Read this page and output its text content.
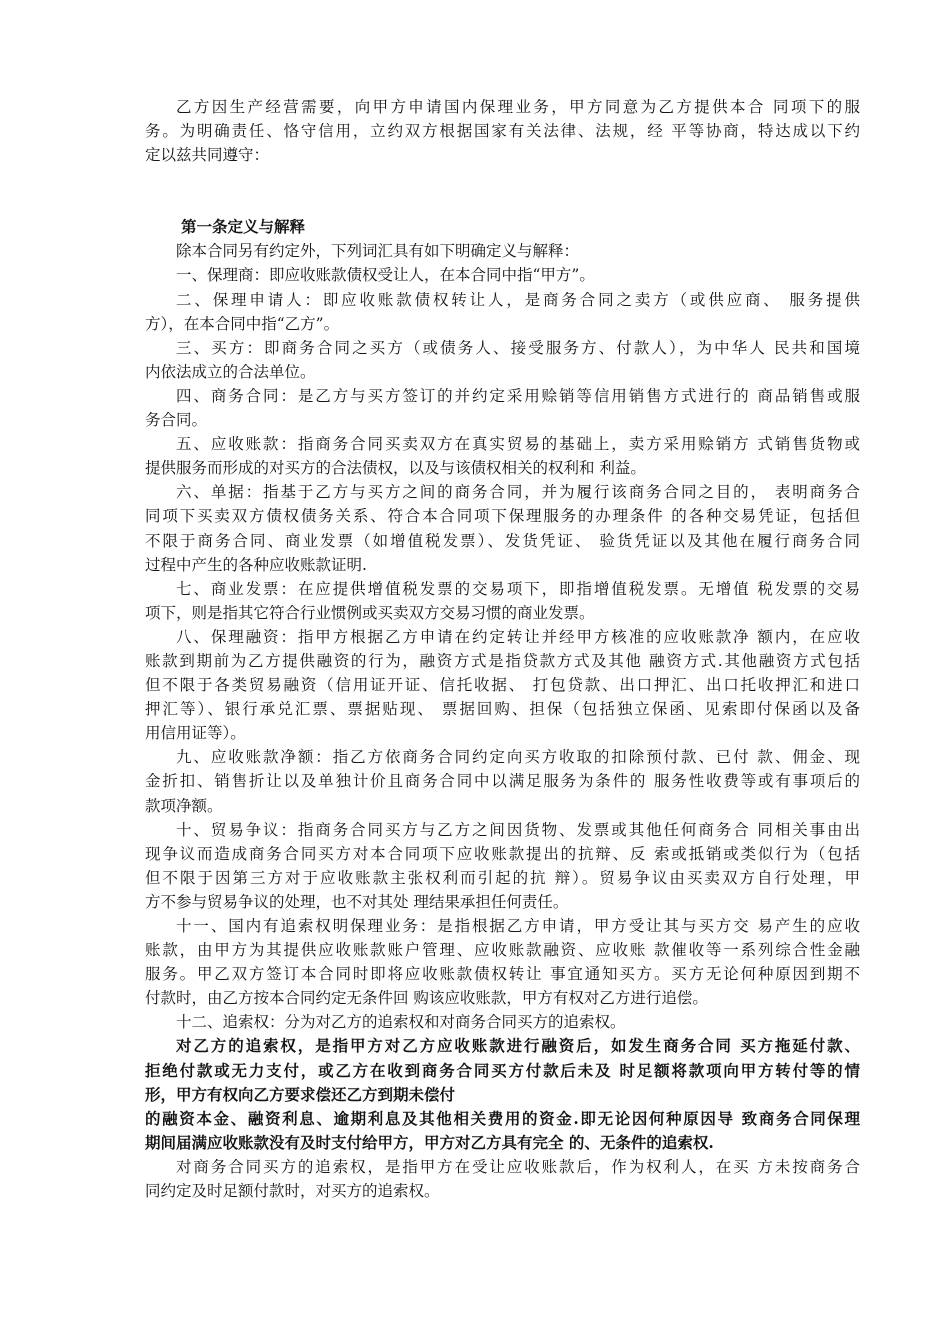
乙方因生产经营需要，向甲方申请国内保理业务，甲方同意为乙方提供本合 同项下的服
务。为明确责任、恪守信用，立约双方根据国家有关法律、法规，经 平等协商，特达成以下约
定以兹共同遵守：
第一条定义与解释
除本合同另有约定外，下列词汇具有如下明确定义与解释：
一、保理商：即应收账款债权受让人，在本合同中指“甲方”。
二、保理申请人：即应收账款债权转让人，是商务合同之卖方（或供应商、 服务提供
方），在本合同中指“乙方”。
三、买方：即商务合同之买方（或债务人、接受服务方、付款人），为中华人 民共和国境
内依法成立的合法单位。
四、商务合同：是乙方与买方签订的并约定采用赊销等信用销售方式进行的 商品销售或服
务合同。
五、应收账款：指商务合同买卖双方在真实贸易的基础上，卖方采用赊销方 式销售货物或
提供服务而形成的对买方的合法债权，以及与该债权相关的权利和 利益。
六、单据：指基于乙方与买方之间的商务合同，并为履行该商务合同之目的， 表明商务合
同项下买卖双方债权债务关系、符合本合同项下保理服务的办理条件 的各种交易凭证，包括但
不限于商务合同、商业发票（如增值税发票）、发货凭证、 验货凭证以及其他在履行商务合同
过程中产生的各种应收账款证明.
七、商业发票：在应提供增值税发票的交易项下，即指增值税发票。无增值 税发票的交易
项下，则是指其它符合行业惯例或买卖双方交易习惯的商业发票。
八、保理融资：指甲方根据乙方申请在约定转让并经甲方核准的应收账款净 额内，在应收
账款到期前为乙方提供融资的行为，融资方式是指贷款方式及其他 融资方式.其他融资方式包括
但不限于各类贸易融资（信用证开证、信托收据、 打包贷款、出口押汇、出口托收押汇和进口
押汇等）、银行承兑汇票、票据贴现、 票据回购、担保（包括独立保函、见索即付保函以及备
用信用证等）。
九、应收账款净额：指乙方依商务合同约定向买方收取的扣除预付款、已付 款、佣金、现
金折扣、销售折让以及单独计价且商务合同中以满足服务为条件的 服务性收费等或有事项后的
款项净额。
十、贸易争议：指商务合同买方与乙方之间因货物、发票或其他任何商务合 同相关事由出
现争议而造成商务合同买方对本合同项下应收账款提出的抗辩、反 索或抵销或类似行为（包括
但不限于因第三方对于应收账款主张权利而引起的抗 辩）。贸易争议由买卖双方自行处理，甲
方不参与贸易争议的处理，也不对其处 理结果承担任何责任。
十一、国内有追索权明保理业务：是指根据乙方申请，甲方受让其与买方交 易产生的应收
账款，由甲方为其提供应收账款账户管理、应收账款融资、应收账 款催收等一系列综合性金融
服务。甲乙双方签订本合同时即将应收账款债权转让 事宜通知买方。买方无论何种原因到期不
付款时，由乙方按本合同约定无条件回 购该应收账款，甲方有权对乙方进行追偿。
十二、追索权：分为对乙方的追索权和对商务合同买方的追索权。
对乙方的追索权，是指甲方对乙方应收账款进行融资后，如发生商务合同 买方拖延付款、
拒绝付款或无力支付，或乙方在收到商务合同买方付款后未及 时足额将款项向甲方转付等的情
形，甲方有权向乙方要求偿还乙方到期未偿付
的融资本金、融资利息、逾期利息及其他相关费用的资金.即无论因何种原因导 致商务合同保理
期间届满应收账款没有及时支付给甲方，甲方对乙方具有完全 的、无条件的追索权.
对商务合同买方的追索权，是指甲方在受让应收账款后，作为权利人，在买 方未按商务合
同约定及时足额付款时，对买方的追索权。
